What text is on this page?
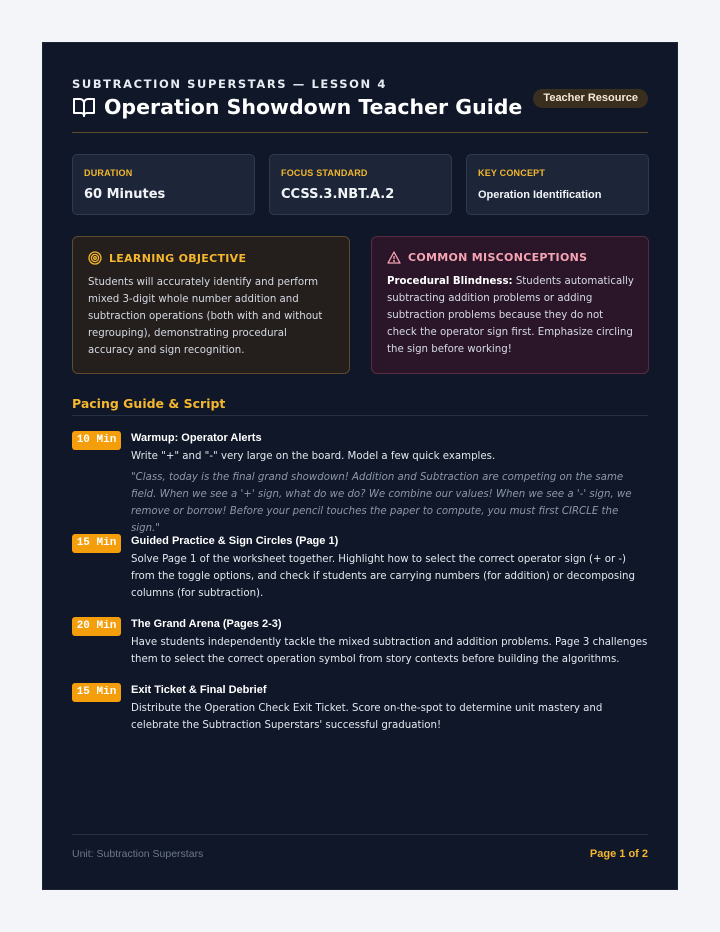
SUBTRACTION SUPERSTARS — LESSON 4
Operation Showdown Teacher Guide	Teacher Resource
DURATION
60 Minutes
FOCUS STANDARD
CCSS.3.NBT.A.2
KEY CONCEPT
Operation Identification
LEARNING OBJECTIVE
Students will accurately identify and perform mixed 3-digit whole number addition and subtraction operations (both with and without regrouping), demonstrating procedural accuracy and sign recognition.
COMMON MISCONCEPTIONS
Procedural Blindness: Students automatically subtracting addition problems or adding subtraction problems because they do not check the operator sign first. Emphasize circling the sign before working!
Pacing Guide & Script
10 Min	Warmup: Operator Alerts
Write "+" and "-" very large on the board. Model a few quick examples.
"Class, today is the final grand showdown! Addition and Subtraction are competing on the same field. When we see a '+' sign, what do we do? We combine our values! When we see a '-' sign, we remove or borrow! Before your pencil touches the paper to compute, you must first CIRCLE the sign."
15 Min	Guided Practice & Sign Circles (Page 1)
Solve Page 1 of the worksheet together. Highlight how to select the correct operator sign (+ or -) from the toggle options, and check if students are carrying numbers (for addition) or decomposing columns (for subtraction).
20 Min	The Grand Arena (Pages 2-3)
Have students independently tackle the mixed subtraction and addition problems. Page 3 challenges them to select the correct operation symbol from story contexts before building the algorithms.
15 Min	Exit Ticket & Final Debrief
Distribute the Operation Check Exit Ticket. Score on-the-spot to determine unit mastery and celebrate the Subtraction Superstars' successful graduation!
Unit: Subtraction Superstars	Page 1 of 2
